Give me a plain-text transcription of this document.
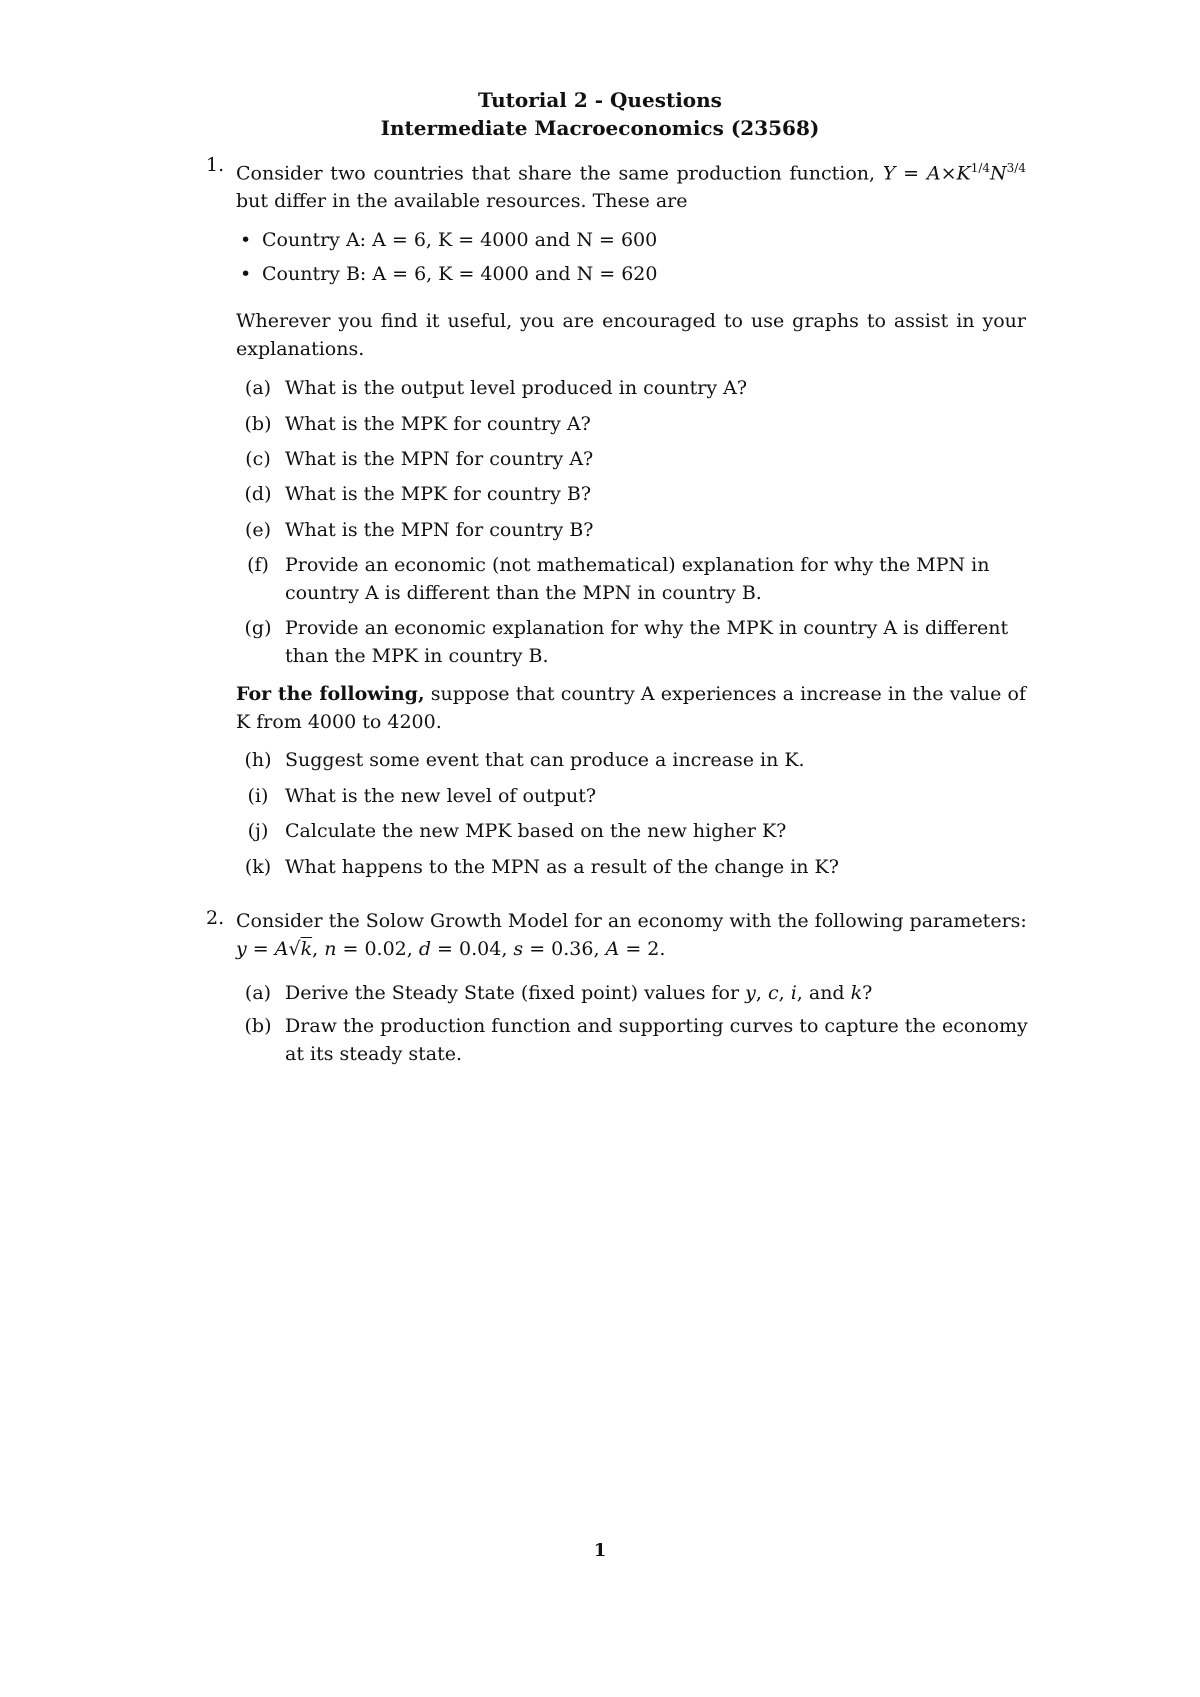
Tutorial 2 - Questions
Intermediate Macroeconomics (23568)
1. Consider two countries that share the same production function, $Y = A\times K^{1/4}N^{3/4}$
but differ in the available resources. These are
• Country A: A = 6, K = 4000 and N = 600
• Country B: A = 6, K = 4000 and N = 620
Wherever you find it useful, you are encouraged to use graphs to assist in your
explanations.
(a) What is the output level produced in country A?
(b) What is the MPK for country A?
(c) What is the MPN for country A?
(d) What is the MPK for country B?
(e) What is the MPN for country B?
(f) Provide an economic (not mathematical) explanation for why the MPN in
country A is different than the MPN in country B.
(g) Provide an economic explanation for why the MPK in country A is different
than the MPK in country B.
For the following, suppose that country A experiences a increase in the value of
K from 4000 to 4200.
(h) Suggest some event that can produce a increase in K.
(i) What is the new level of output?
(j) Calculate the new MPK based on the new higher K?
(k) What happens to the MPN as a result of the change in K?
2. Consider the Solow Growth Model for an economy with the following parameters:
y = A√k, n = 0.02, d = 0.04, s = 0.36, A = 2.
(a) Derive the Steady State (fixed point) values for y, c, i, and k?
(b) Draw the production function and supporting curves to capture the economy
at its steady state.
1
